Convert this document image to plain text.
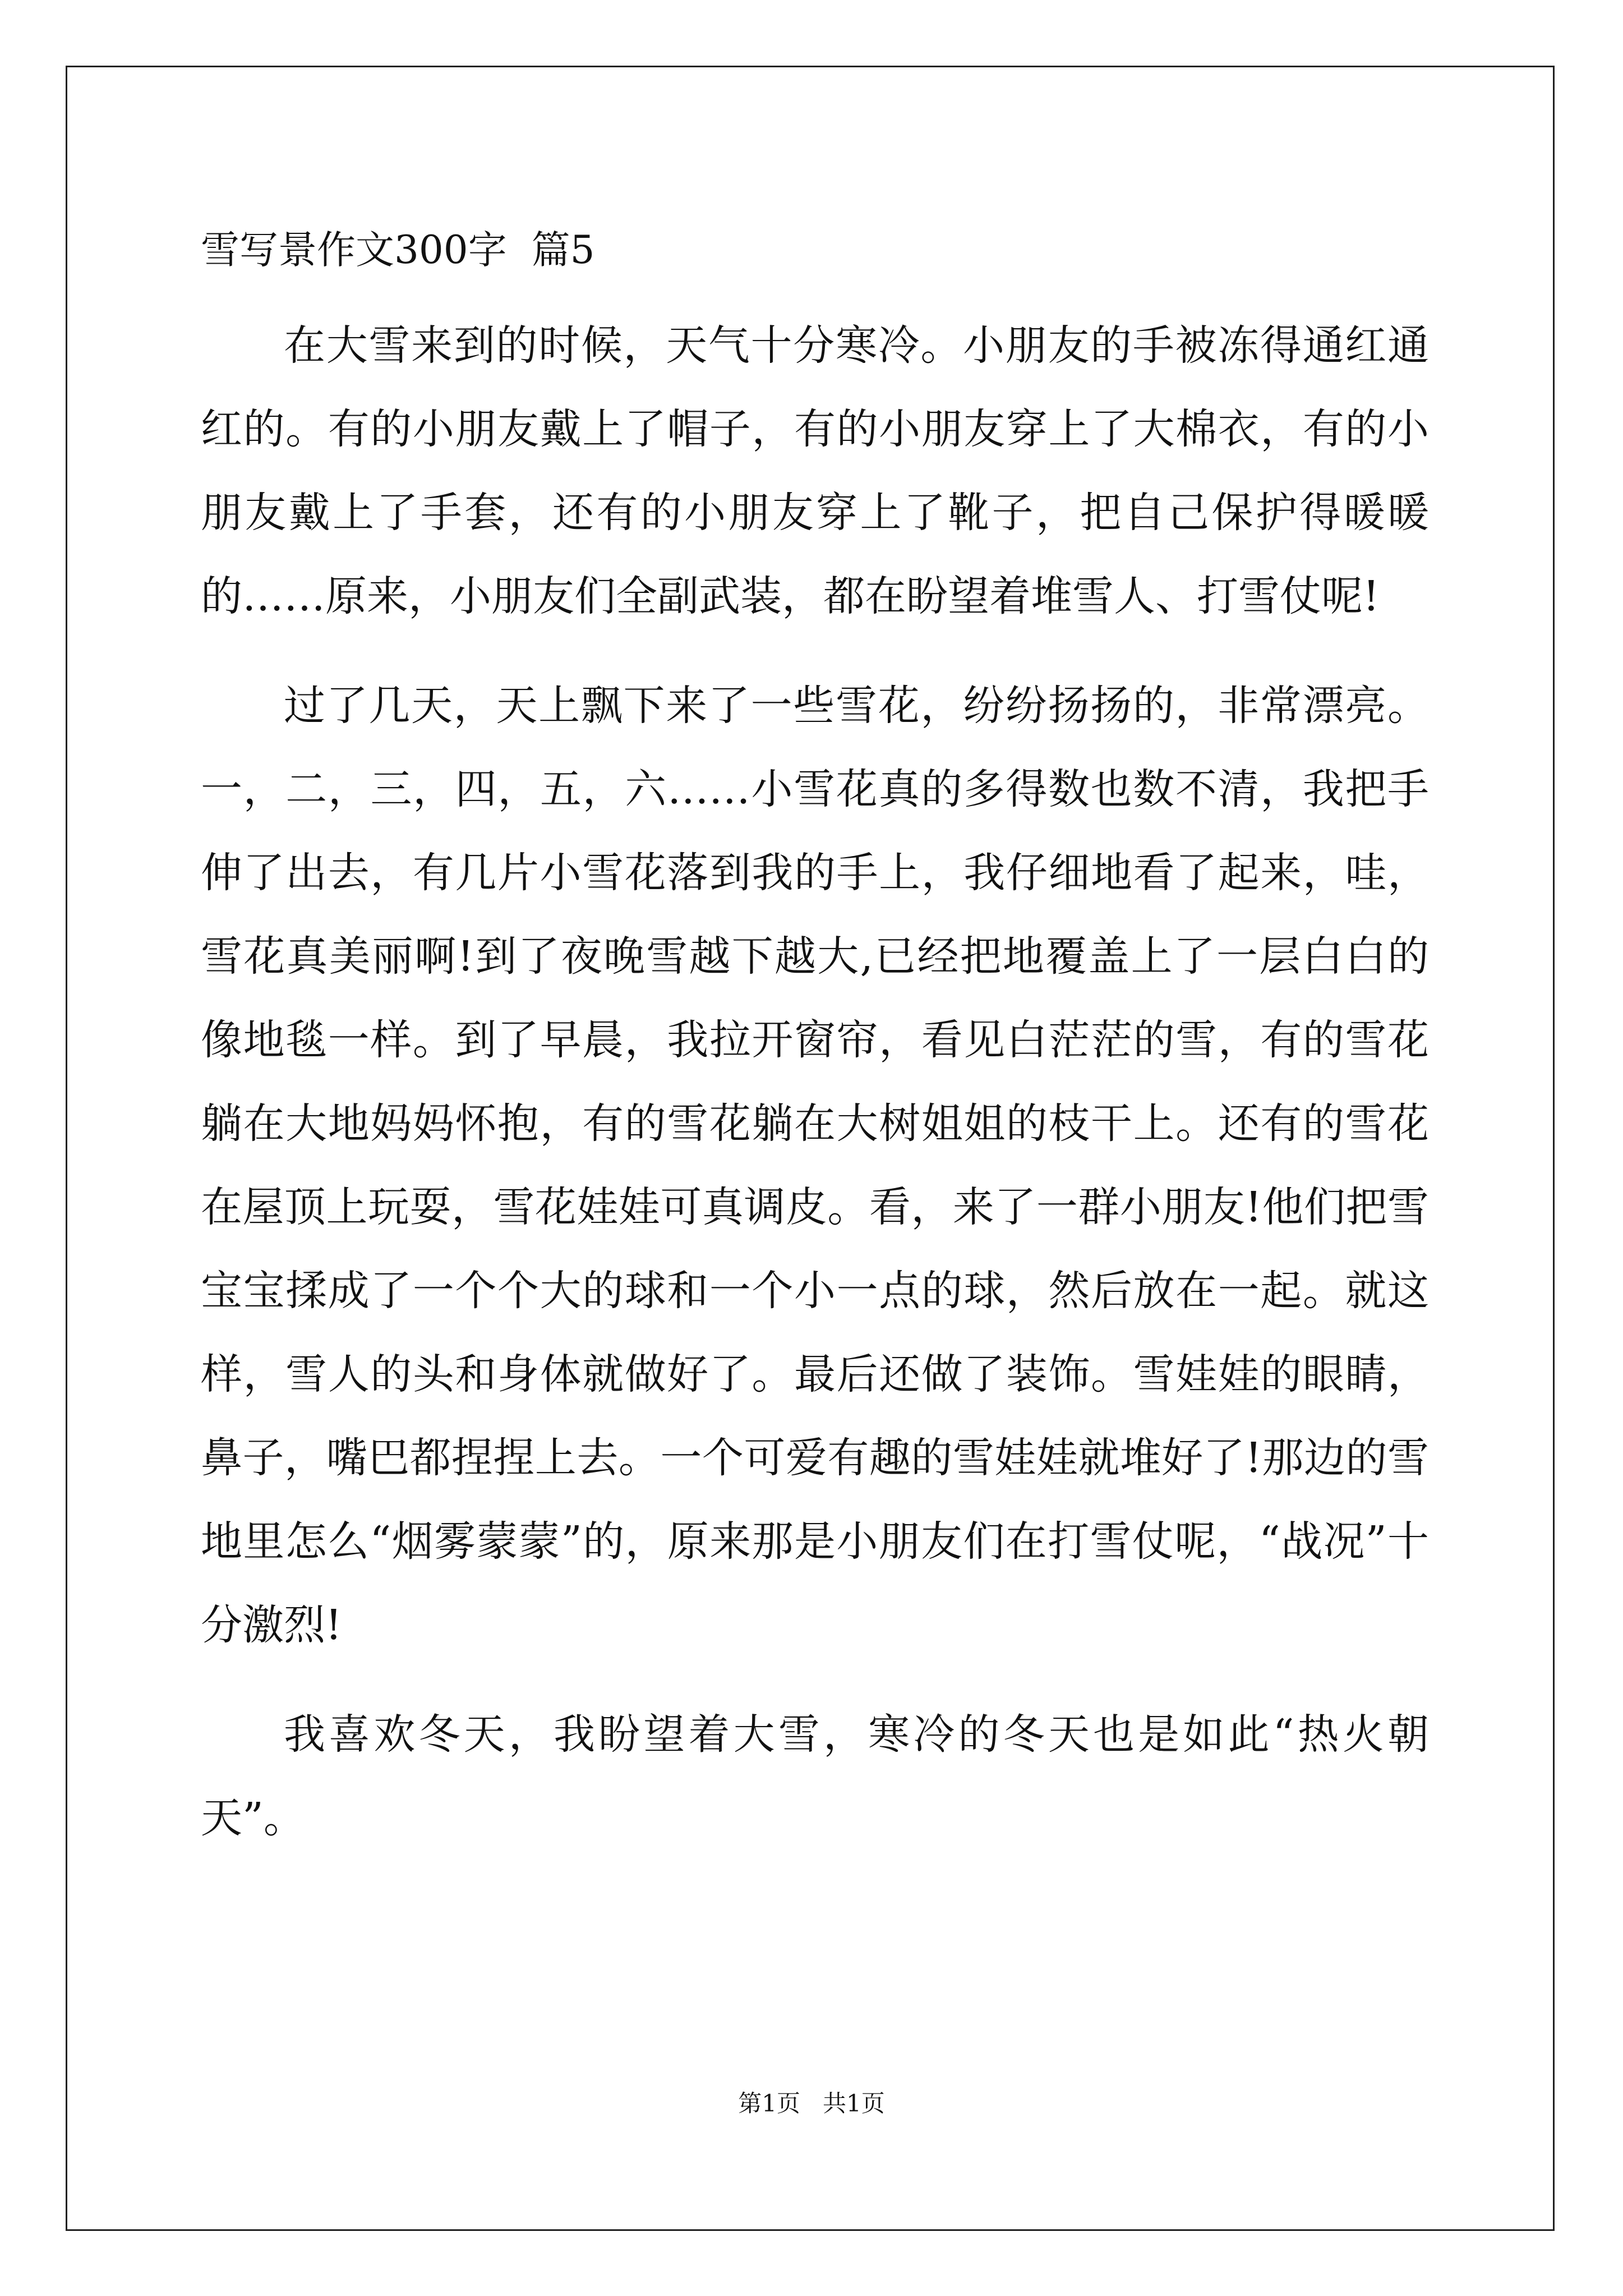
雪写景作文300字  篇5

在大雪来到的时候，天气十分寒冷。小朋友的手被冻得通红通红的。有的小朋友戴上了帽子，有的小朋友穿上了大棉衣，有的小朋友戴上了手套，还有的小朋友穿上了靴子，把自己保护得暖暖的……原来，小朋友们全副武装，都在盼望着堆雪人、打雪仗呢!

过了几天，天上飘下来了一些雪花，纷纷扬扬的，非常漂亮。一，二，三，四，五，六……小雪花真的多得数也数不清，我把手伸了出去，有几片小雪花落到我的手上，我仔细地看了起来，哇，雪花真美丽啊!到了夜晚雪越下越大,已经把地覆盖上了一层白白的像地毯一样。到了早晨，我拉开窗帘，看见白茫茫的雪，有的雪花躺在大地妈妈怀抱，有的雪花躺在大树姐姐的枝干上。还有的雪花在屋顶上玩耍，雪花娃娃可真调皮。看，来了一群小朋友!他们把雪宝宝揉成了一个个大的球和一个小一点的球，然后放在一起。就这样，雪人的头和身体就做好了。最后还做了装饰。雪娃娃的眼睛，鼻子，嘴巴都捏捏上去。一个可爱有趣的雪娃娃就堆好了!那边的雪地里怎么“烟雾蒙蒙”的，原来那是小朋友们在打雪仗呢，“战况”十分激烈!

我喜欢冬天，我盼望着大雪，寒冷的冬天也是如此“热火朝天”。

第1页   共1页
